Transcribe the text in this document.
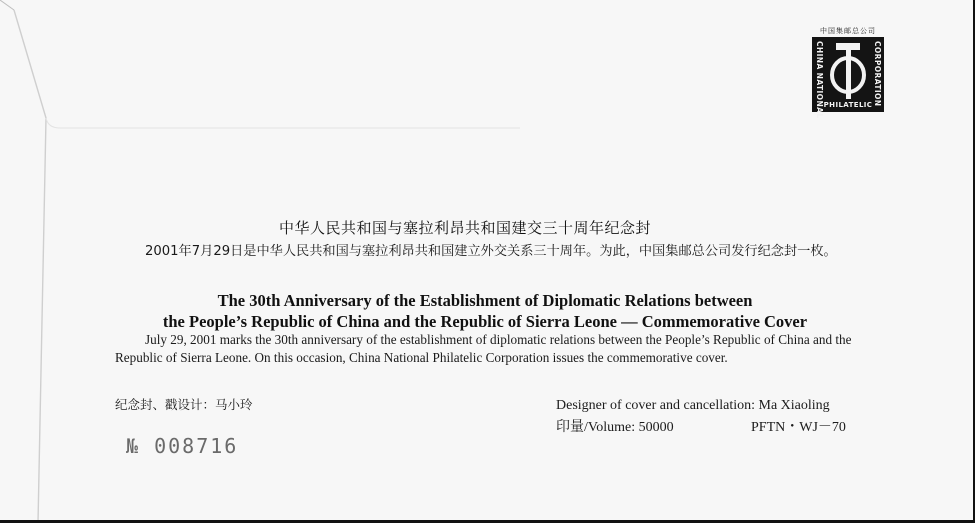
中国集邮总公司
CHINA NATIONAL	CORPORATION
PHILATELIC
中华人民共和国与塞拉利昂共和国建交三十周年纪念封
2001年7月29日是中华人民共和国与塞拉利昂共和国建立外交关系三十周年。为此，中国集邮总公司发行纪念封一枚。
The 30th Anniversary of the Establishment of Diplomatic Relations between
the People’s Republic of China and the Republic of Sierra Leone — Commemorative Cover
July 29, 2001 marks the 30th anniversary of the establishment of diplomatic relations between the People’s Republic of China and the Republic of Sierra Leone. On this occasion, China National Philatelic Corporation issues the commemorative cover.
纪念封、戳设计：马小玲	Designer of cover and cancellation: Ma Xiaoling
印量/Volume: 50000	PFTN・WJ－70
№ 008716
